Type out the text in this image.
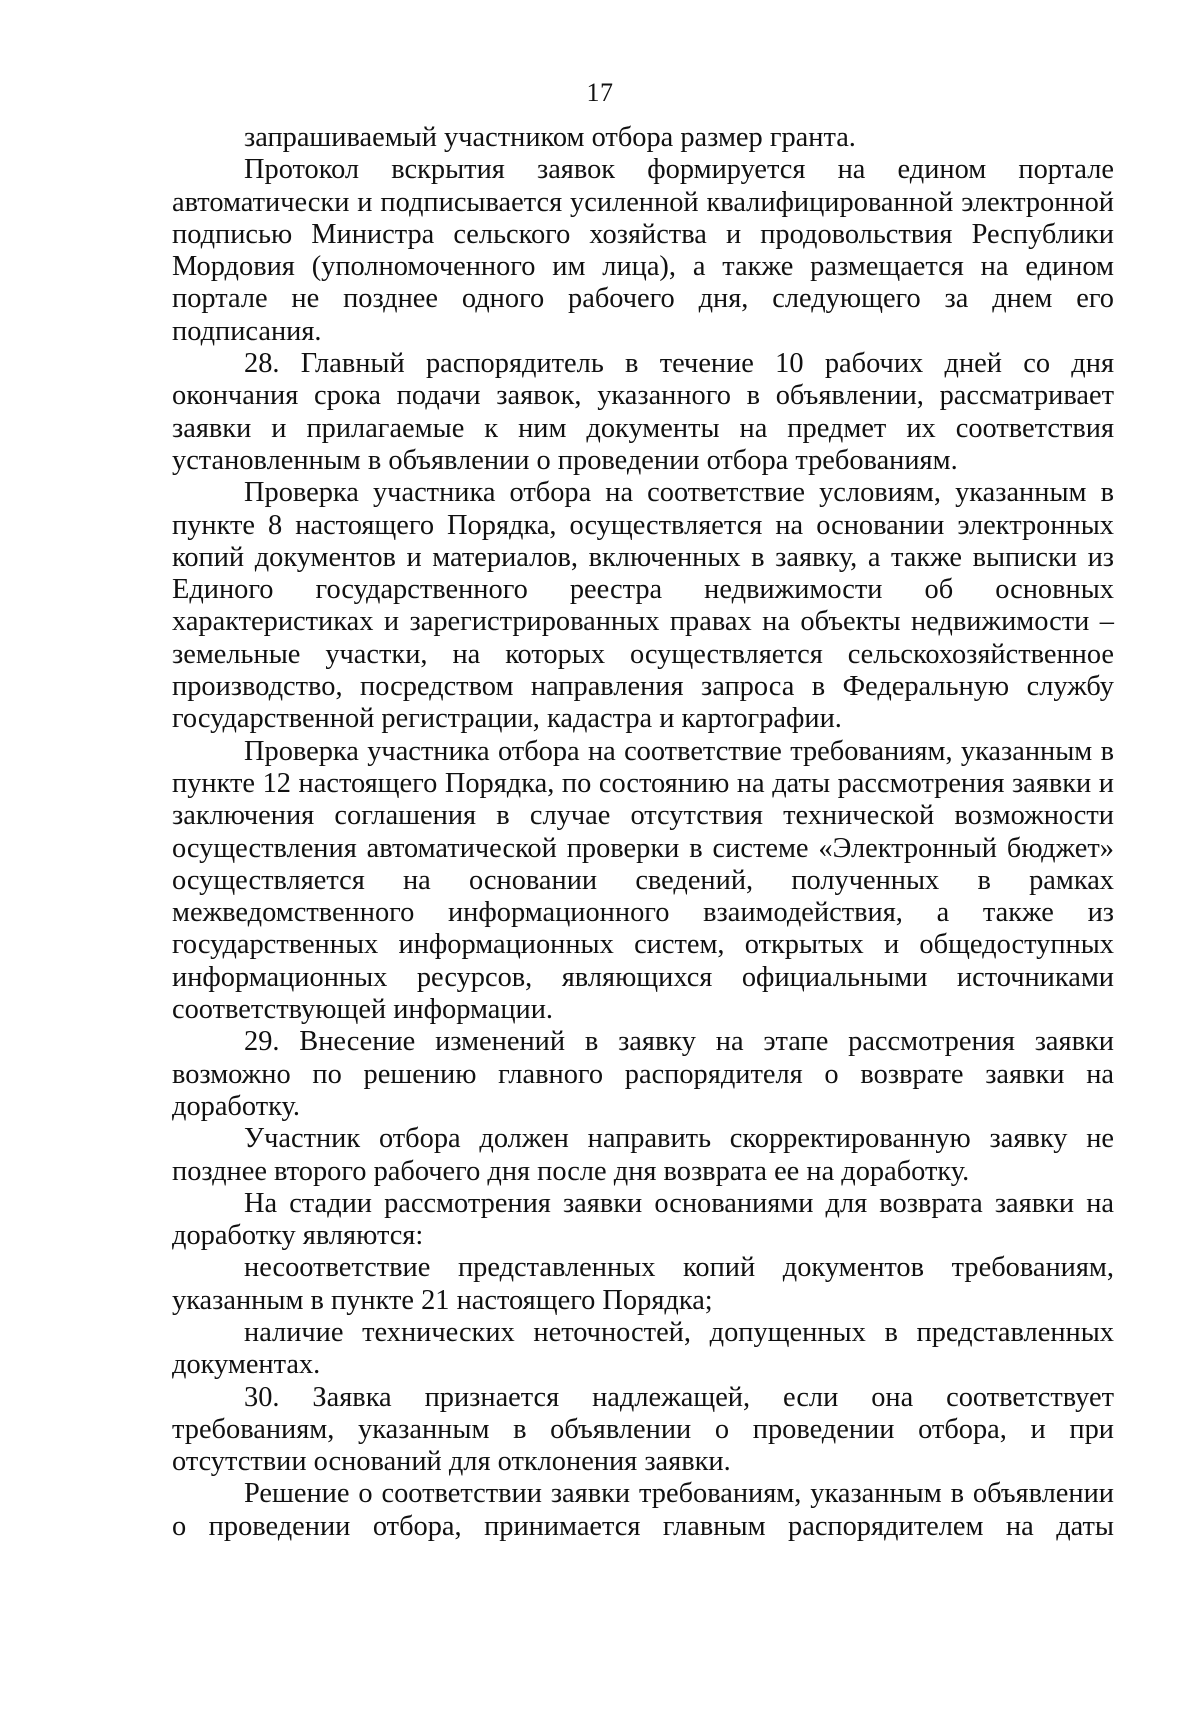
17

запрашиваемый участником отбора размер гранта.

Протокол вскрытия заявок формируется на едином портале автоматически и подписывается усиленной квалифицированной электронной подписью Министра сельского хозяйства и продовольствия Республики Мордовия (уполномоченного им лица), а также размещается на едином портале не позднее одного рабочего дня, следующего за днем его подписания.

28. Главный распорядитель в течение 10 рабочих дней со дня окончания срока подачи заявок, указанного в объявлении, рассматривает заявки и прилагаемые к ним документы на предмет их соответствия установленным в объявлении о проведении отбора требованиям.

Проверка участника отбора на соответствие условиям, указанным в пункте 8 настоящего Порядка, осуществляется на основании электронных копий документов и материалов, включенных в заявку, а также выписки из Единого государственного реестра недвижимости об основных характеристиках и зарегистрированных правах на объекты недвижимости – земельные участки, на которых осуществляется сельскохозяйственное производство, посредством направления запроса в Федеральную службу государственной регистрации, кадастра и картографии.

Проверка участника отбора на соответствие требованиям, указанным в пункте 12 настоящего Порядка, по состоянию на даты рассмотрения заявки и заключения соглашения в случае отсутствия технической возможности осуществления автоматической проверки в системе «Электронный бюджет» осуществляется на основании сведений, полученных в рамках межведомственного информационного взаимодействия, а также из государственных информационных систем, открытых и общедоступных информационных ресурсов, являющихся официальными источниками соответствующей информации.

29. Внесение изменений в заявку на этапе рассмотрения заявки возможно по решению главного распорядителя о возврате заявки на доработку.

Участник отбора должен направить скорректированную заявку не позднее второго рабочего дня после дня возврата ее на доработку.

На стадии рассмотрения заявки основаниями для возврата заявки на доработку являются:

несоответствие представленных копий документов требованиям, указанным в пункте 21 настоящего Порядка;

наличие технических неточностей, допущенных в представленных документах.

30. Заявка признается надлежащей, если она соответствует требованиям, указанным в объявлении о проведении отбора, и при отсутствии оснований для отклонения заявки.

Решение о соответствии заявки требованиям, указанным в объявлении о проведении отбора, принимается главным распорядителем на даты
